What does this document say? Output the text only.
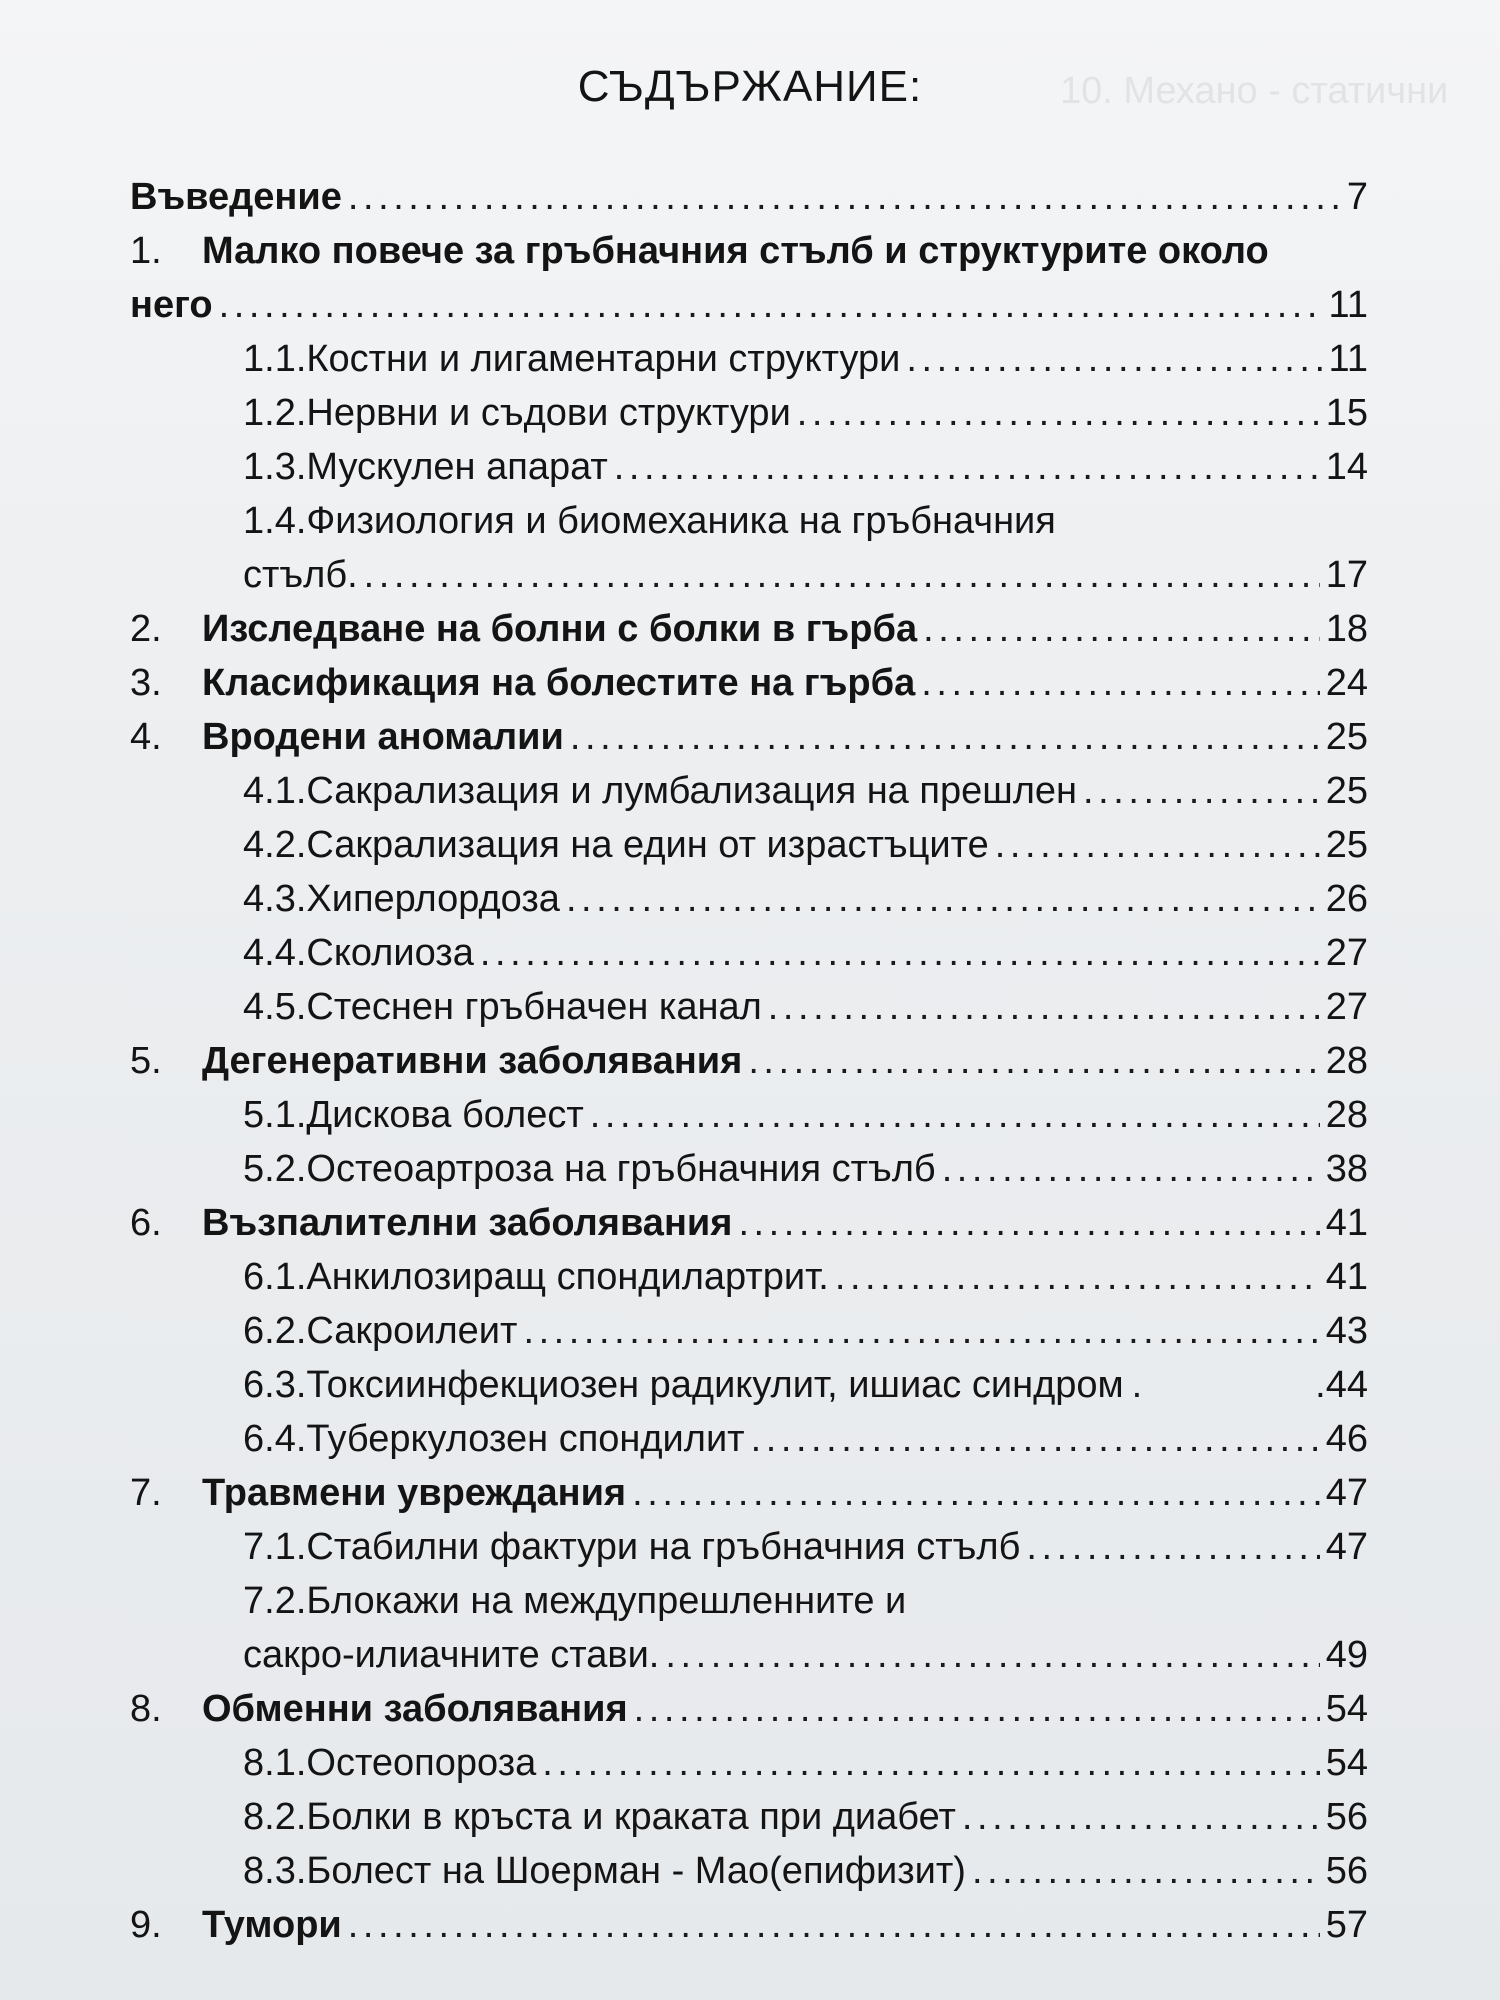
10. Механо - статични
СЪДЪРЖАНИЕ:
Въведение . . .	7
1.	Малко повече за гръбначния стълб и структурите около
него . . .	11
1.1.Костни и лигаментарни структури . . .	11
1.2.Нервни и съдови структури . . .	15
1.3.Мускулен апарат . . .	14
1.4.Физиология и биомеханика на гръбначния
стълб. . . .	17
2.	Изследване на болни с болки в гърба . . .	18
3.	Класификация на болестите на гърба . . .	24
4.	Вродени аномалии . . .	25
4.1.Сакрализация и лумбализация на прешлен . . .	25
4.2.Сакрализация на един от израстъците . . .	25
4.3.Хиперлордоза . . .	26
4.4.Сколиоза . . .	27
4.5.Стеснен гръбначен канал . . .	27
5.	Дегенеративни заболявания . . .	28
5.1.Дискова болест . . .	28
5.2.Остеоартроза на гръбначния стълб . . .	38
6.	Възпалителни заболявания . . .	41
6.1.Анкилозиращ спондилартрит. . . .	41
6.2.Сакроилеит . . .	43
6.3.Токсиинфекциозен радикулит, ишиас синдром . . .	.44
6.4.Туберкулозен спондилит . . .	46
7.	Травмени увреждания . . .	47
7.1.Стабилни фактури на гръбначния стълб . . .	47
7.2.Блокажи на междупрешленните и
сакро-илиачните стави. . . .	49
8.	Обменни заболявания . . .	54
8.1.Остеопороза . . .	54
8.2.Болки в кръста и краката при диабет . . .	56
8.3.Болест на Шоерман - Мао(епифизит) . . .	56
9.	Тумори . . .	57
